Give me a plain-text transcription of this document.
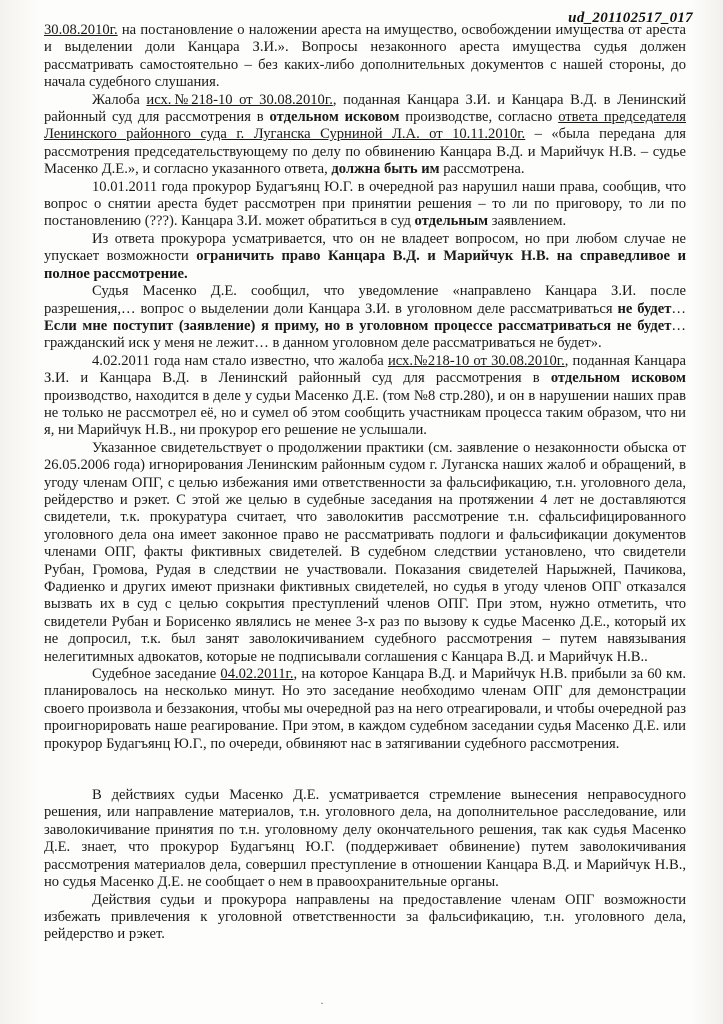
ud_201102517_017

30.08.2010г. на постановление о наложении ареста на имущество, освобождении имущества от ареста и выделении доли Канцара З.И.». Вопросы незаконного ареста имущества судья должен рассматривать самостоятельно – без каких-либо дополнительных документов с нашей стороны, до начала судебного слушания.

Жалоба исх.№218-10 от 30.08.2010г., поданная Канцара З.И. и Канцара В.Д. в Ленинский районный суд для рассмотрения в отдельном исковом производстве, согласно ответа председателя Ленинского районного суда г. Луганска Сурниной Л.А. от 10.11.2010г. – «была передана для рассмотрения председательствующему по делу по обвинению Канцара В.Д. и Марийчук Н.В. – судье Масенко Д.Е.», и согласно указанного ответа, должна быть им рассмотрена.

10.01.2011 года прокурор Будагъянц Ю.Г. в очередной раз нарушил наши права, сообщив, что вопрос о снятии ареста будет рассмотрен при принятии решения – то ли по приговору, то ли по постановлению (???). Канцара З.И. может обратиться в суд отдельным заявлением.

Из ответа прокурора усматривается, что он не владеет вопросом, но при любом случае не упускает возможности ограничить право Канцара В.Д. и Марийчук Н.В. на справедливое и полное рассмотрение.

Судья Масенко Д.Е. сообщил, что уведомление «направлено Канцара З.И. после разрешения,… вопрос о выделении доли Канцара З.И. в уголовном деле рассматриваться не будет… Если мне поступит (заявление) я приму, но в уголовном процессе рассматриваться не будет… гражданский иск у меня не лежит… в данном уголовном деле рассматриваться не будет».

4.02.2011 года нам стало известно, что жалоба исх.№218-10 от 30.08.2010г., поданная Канцара З.И. и Канцара В.Д. в Ленинский районный суд для рассмотрения в отдельном исковом производство, находится в деле у судьи Масенко Д.Е. (том №8 стр.280), и он в нарушении наших прав не только не рассмотрел её, но и сумел об этом сообщить участникам процесса таким образом, что ни я, ни Марийчук Н.В., ни прокурор его решение не услышали.

Указанное свидетельствует о продолжении практики (см. заявление о незаконности обыска от 26.05.2006 года) игнорирования Ленинским районным судом г. Луганска наших жалоб и обращений, в угоду членам ОПГ, с целью избежания ими ответственности за фальсификацию, т.н. уголовного дела, рейдерство и рэкет. С этой же целью в судебные заседания на протяжении 4 лет не доставляются свидетели, т.к. прокуратура считает, что заволокитив рассмотрение т.н. сфальсифицированного уголовного дела она имеет законное право не рассматривать подлоги и фальсификации документов членами ОПГ, факты фиктивных свидетелей. В судебном следствии установлено, что свидетели Рубан, Громова, Рудая в следствии не участвовали. Показания свидетелей Нарыжней, Пачикова, Фадиенко и других имеют признаки фиктивных свидетелей, но судья в угоду членов ОПГ отказался вызвать их в суд с целью сокрытия преступлений членов ОПГ. При этом, нужно отметить, что свидетели Рубан и Борисенко являлись не менее 3-х раз по вызову к судье Масенко Д.Е., который их не допросил, т.к. был занят заволокичиванием судебного рассмотрения – путем навязывания нелегитимных адвокатов, которые не подписывали соглашения с Канцара В.Д. и Марийчук Н.В..

Судебное заседание 04.02.2011г., на которое Канцара В.Д. и Марийчук Н.В. прибыли за 60 км. планировалось на несколько минут. Но это заседание необходимо членам ОПГ для демонстрации своего произвола и беззакония, чтобы мы очередной раз на него отреагировали, и чтобы очередной раз проигнорировать наше реагирование. При этом, в каждом судебном заседании судья Масенко Д.Е. или прокурор Будагъянц Ю.Г., по очереди, обвиняют нас в затягивании судебного рассмотрения.

В действиях судьи Масенко Д.Е. усматривается стремление вынесения неправосудного решения, или направление материалов, т.н. уголовного дела, на дополнительное расследование, или заволокичивание принятия по т.н. уголовному делу окончательного решения, так как судья Масенко Д.Е. знает, что прокурор Будагъянц Ю.Г. (поддерживает обвинение) путем заволокичивания рассмотрения материалов дела, совершил преступление в отношении Канцара В.Д. и Марийчук Н.В., но судья Масенко Д.Е. не сообщает о нем в правоохранительные органы.

Действия судьи и прокурора направлены на предоставление членам ОПГ возможности избежать привлечения к уголовной ответственности за фальсификацию, т.н. уголовного дела, рейдерство и рэкет.

·
